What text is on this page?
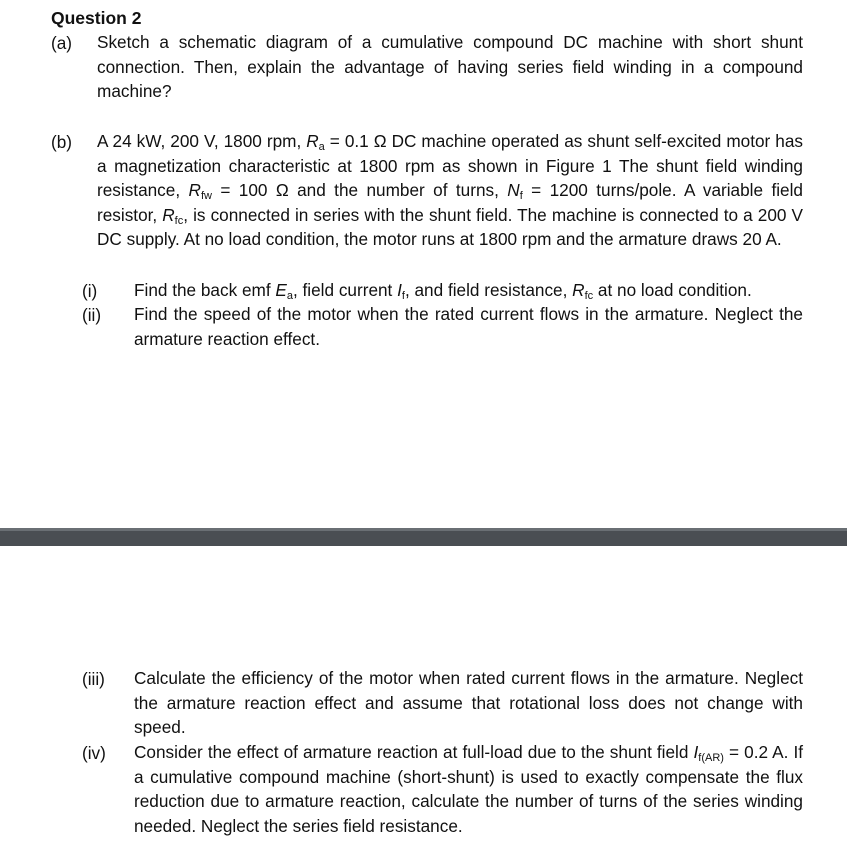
Question 2
(a) Sketch a schematic diagram of a cumulative compound DC machine with short shunt connection. Then, explain the advantage of having series field winding in a compound machine?
(b) A 24 kW, 200 V, 1800 rpm, $R_a = 0.1$ Ω DC machine operated as shunt self-excited motor has a magnetization characteristic at 1800 rpm as shown in Figure 1 The shunt field winding resistance, $R_{fw} = 100$ Ω and the number of turns, $N_f = 1200$ turns/pole. A variable field resistor, $R_{fc}$, is connected in series with the shunt field. The machine is connected to a 200 V DC supply. At no load condition, the motor runs at 1800 rpm and the armature draws 20 A.
(i) Find the back emf $E_a$, field current $I_f$, and field resistance, $R_{fc}$ at no load condition.
(ii) Find the speed of the motor when the rated current flows in the armature. Neglect the armature reaction effect.
(iii) Calculate the efficiency of the motor when rated current flows in the armature. Neglect the armature reaction effect and assume that rotational loss does not change with speed.
(iv) Consider the effect of armature reaction at full-load due to the shunt field $I_{f(AR)} = 0.2$ A. If a cumulative compound machine (short-shunt) is used to exactly compensate the flux reduction due to armature reaction, calculate the number of turns of the series winding needed. Neglect the series field resistance.
